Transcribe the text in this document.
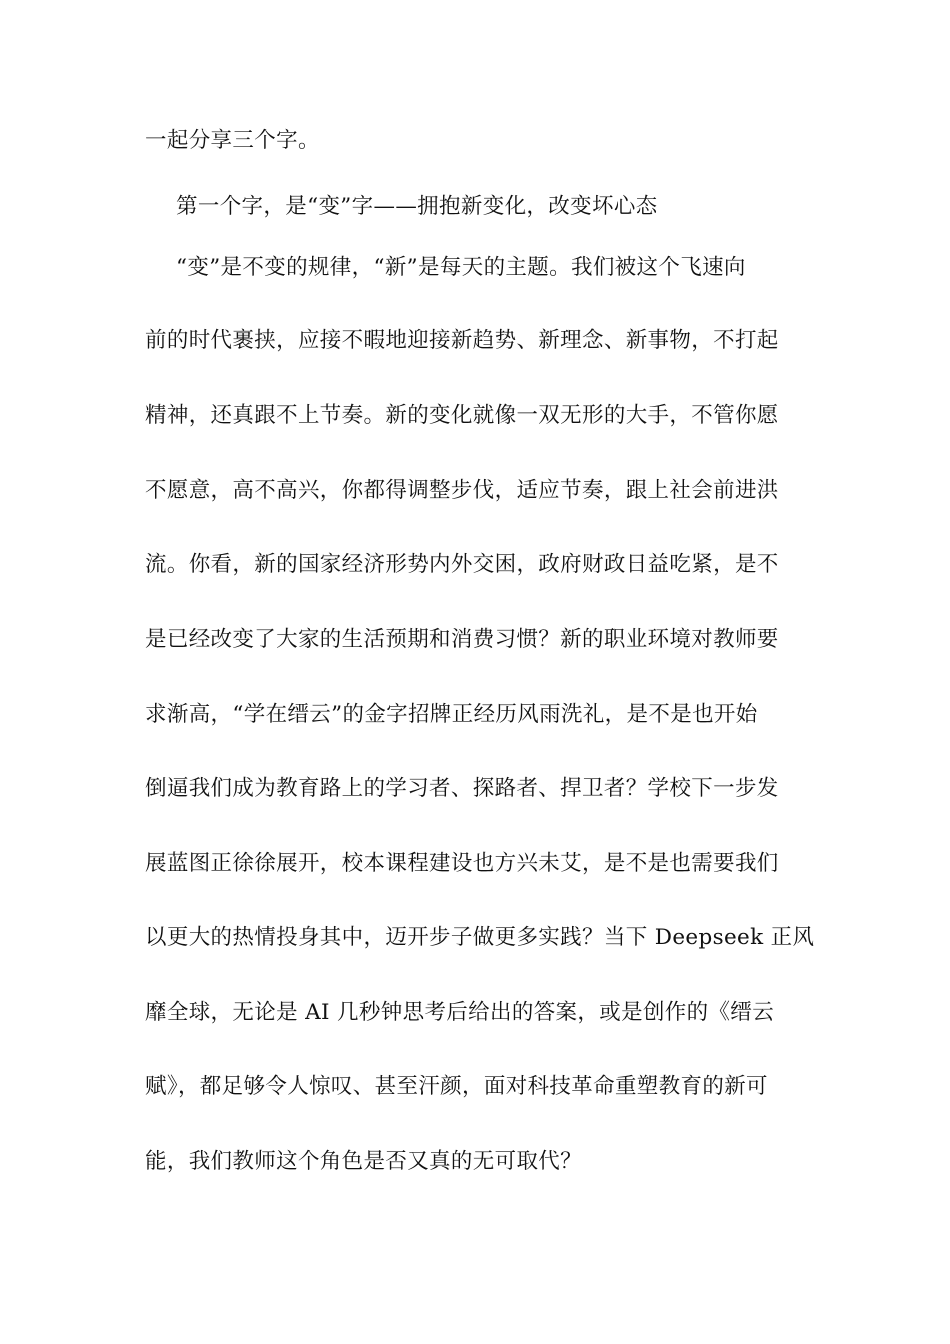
一起分享三个字。
第一个字，是“变”字——拥抱新变化，改变坏心态
“变”是不变的规律，“新”是每天的主题。我们被这个飞速向
前的时代裹挟，应接不暇地迎接新趋势、新理念、新事物，不打起
精神，还真跟不上节奏。新的变化就像一双无形的大手，不管你愿
不愿意，高不高兴，你都得调整步伐，适应节奏，跟上社会前进洪
流。你看，新的国家经济形势内外交困，政府财政日益吃紧，是不
是已经改变了大家的生活预期和消费习惯？新的职业环境对教师要
求渐高，“学在缙云”的金字招牌正经历风雨洗礼，是不是也开始
倒逼我们成为教育路上的学习者、探路者、捍卫者？学校下一步发
展蓝图正徐徐展开，校本课程建设也方兴未艾，是不是也需要我们
以更大的热情投身其中，迈开步子做更多实践？当下 Deepseek 正风
靡全球，无论是 AI 几秒钟思考后给出的答案，或是创作的《缙云
赋》，都足够令人惊叹、甚至汗颜，面对科技革命重塑教育的新可
能，我们教师这个角色是否又真的无可取代？
